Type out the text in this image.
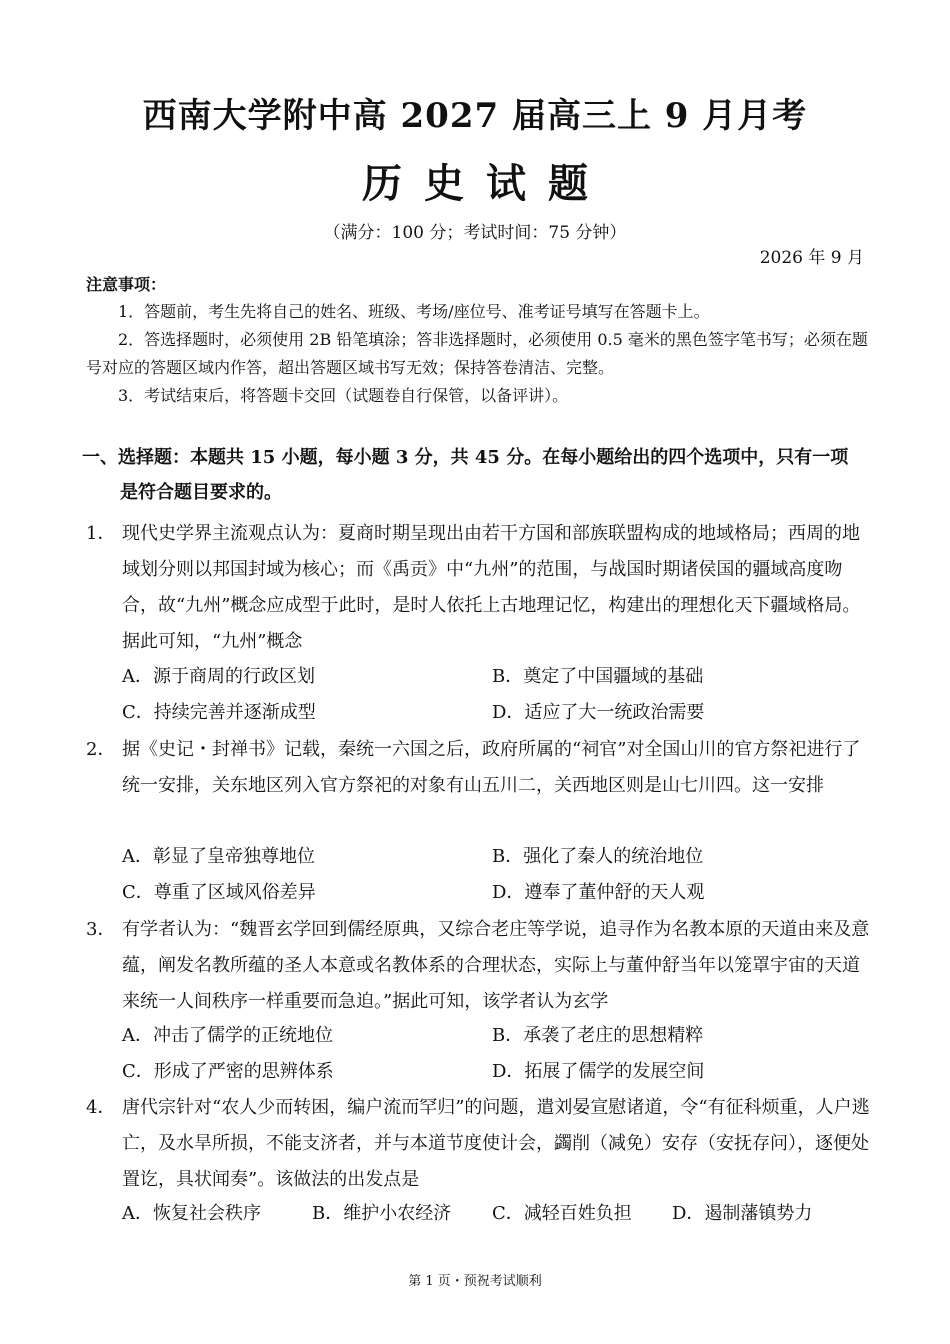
西南大学附中高 2027 届高三上 9 月月考
历史试题
（满分：100 分；考试时间：75 分钟）
2026 年 9 月
注意事项：
1．答题前，考生先将自己的姓名、班级、考场/座位号、准考证号填写在答题卡上。
2．答选择题时，必须使用 2B 铅笔填涂；答非选择题时，必须使用 0.5 毫米的黑色签字笔书写；必须在题号对应的答题区域内作答，超出答题区域书写无效；保持答卷清洁、完整。
3．考试结束后，将答题卡交回（试题卷自行保管，以备评讲）。
一、选择题：本题共 15 小题，每小题 3 分，共 45 分。在每小题给出的四个选项中，只有一项
是符合题目要求的。
1． 现代史学界主流观点认为：夏商时期呈现出由若干方国和部族联盟构成的地域格局；西周的地域划分则以邦国封域为核心；而《禹贡》中“九州”的范围，与战国时期诸侯国的疆域高度吻合，故“九州”概念应成型于此时，是时人依托上古地理记忆，构建出的理想化天下疆域格局。据此可知，“九州”概念
A．源于商周的行政区划	B．奠定了中国疆域的基础
C．持续完善并逐渐成型	D．适应了大一统政治需要
2． 据《史记・封禅书》记载，秦统一六国之后，政府所属的“祠官”对全国山川的官方祭祀进行了统一安排，关东地区列入官方祭祀的对象有山五川二，关西地区则是山七川四。这一安排
A．彰显了皇帝独尊地位	B．强化了秦人的统治地位
C．尊重了区域风俗差异	D．遵奉了董仲舒的天人观
3． 有学者认为：“魏晋玄学回到儒经原典，又综合老庄等学说，追寻作为名教本原的天道由来及意蕴，阐发名教所蕴的圣人本意或名教体系的合理状态，实际上与董仲舒当年以笼罩宇宙的天道来统一人间秩序一样重要而急迫。”据此可知，该学者认为玄学
A．冲击了儒学的正统地位	B．承袭了老庄的思想精粹
C．形成了严密的思辨体系	D．拓展了儒学的发展空间
4． 唐代宗针对“农人少而转困，编户流而罕归”的问题，遣刘晏宣慰诸道，令“有征科烦重，人户逃亡，及水旱所损，不能支济者，并与本道节度使计会，蠲削（减免）安存（安抚存问），逐便处置讫，具状闻奏”。该做法的出发点是
A．恢复社会秩序	B．维护小农经济 C．减轻百姓负担 D．遏制藩镇势力
第 1 页・预祝考试顺利
